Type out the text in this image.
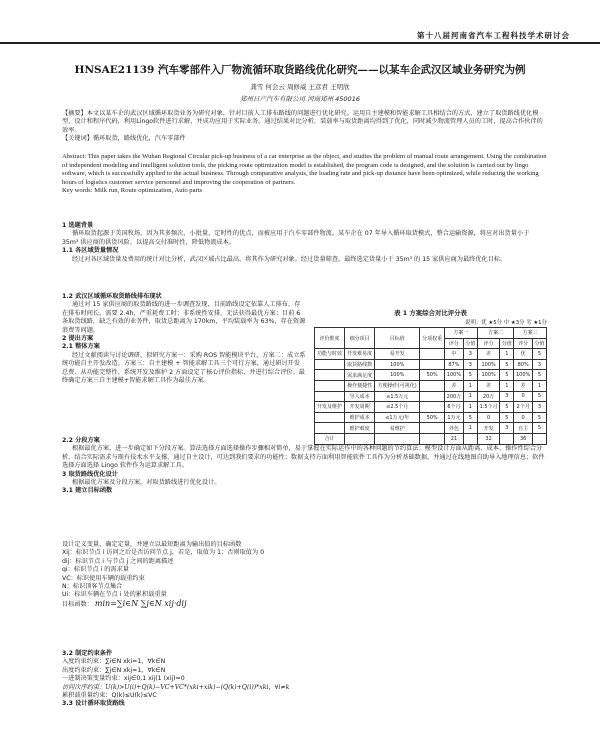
第十八届河南省汽车工程科技学术研讨会
HNSAE21139 汽车零部件入厂物流循环取货路线优化研究——以某车企武汉区域业务研究为例
龚雪 何会云 周修威 王彦君 王明欣
郑州日产汽车有限公司 河南郑州 450016

【摘要】本文以某车企的武汉区域循环取货业务为研究对象，针对目前人工排布路线的问题进行优化研究。运用自主建模和智能求解工具相结合的方式，建立了取货路线优化模型，设计和程序代码，利用Lingo软件进行求解，并成功应用于实际业务。通过结果对比分析，装载率与取货距离均得到了优化，同时减少物流管理人员的工时，提高合作伙伴的效率。

【关键词】循环取货，路线优化，汽车零部件

Abstract: This paper takes the Wuhan Regional Circular pick-up business of a car enterprise as the object, and studies the problem of manual route arrangement. Using the combination of independent modeling and intelligent solution tools, the picking route optimization model is established, the program code is designed, and the solution is carried out by lingo software, which is successfully applied to the actual business. Through comparative analysis, the loading rate and pick-up distance have been optimized, while reducing the working hours of logistics customer service personnel and improving the cooperation of partners.

Key words: Milk run, Route optimization, Auto parts

1 选题背景

循环取货起源于美国牧场，因为其多频次、小批量、定时性的优点，而被应用于汽车零部件物流。某车企在 07 年导入循环取货模式，整合运输资源，将应对出货量小于 35m³ 供应商的供货风险，以提高交付准时性，降低物流成本。

1.1 各区域货量情况

经过对各区域货量及费用的统计对比分析，武汉区域占比最高，将其作为研究对象。经过货量筛查，最终选定货量小于 35m³ 的 15 家供应商为最终优化目标。

1.2 武汉区域循环取货路线排布现状

通过对 15 家供应商的取货路线的进一步调查发现，目前路线设定依靠人工排布，存在排布时间长，需要 2.4h，严重耗费工时；非系统性安排，无法获得最优方案；目前 6 条取货线路，缺乏有效的业务件，取货总距离为 170km，平均装载率为 63%，存在资源浪费等问题。

2 提出方案

2.1 整体方案

经过文献阅读与讨论调研，拟研究方案一：采购 ROS 智能模块平台，方案二：成立系统功能自主开发改造。方案三：自主建模 + 智能求解工具三个可行方案，通过研讨开发总费、从功能完整性、系统开发及维护 2 方面设定了核心评价指标，并进行综合评价。最终确定方案三自主建模+智能求解工具作为最佳方案。

表 1 方案综合对比评分表
说明：优 ★5分 中 ★3分 劣 ★1分
评价维度	细分项目	目标值	分项权重	方案一		方案二		方案三	
				评分	分值	评分	分值	评分	分值
功能与时效	开发难易度	易开发		中	3	差	1	优	5
	取货路线数	100%		87%	3	100%	5	80%	3
	需求满足度	100%	50%	100%	5	100%	5	100%	5
	操作便捷性	方便操作(可视化)		差	1	差	1	差	1
	导入成本	≤1.5万元		200万	1	20万	3	0	5
开发及维护	开发周期	≤2.5个月		6个月	1	1.5个月	5	2个月	3
	维护成本	≤1万元/年	50%	1万元	5	0	5	0	5
	维护难度	易维护		外包	1	开发	3	自主	5
合计				21		32		36	

2.2 分段方案

根据最优方案，进一步确定如下分段方案。算法选择方面选择操作步骤相对简单，易于掌握在实际运作中的各种问题的节约算法；模型设计方面从距离、成本、操作性综合分析，结合实际需求与现有技术水平支撑，通过自主设计，可达到我们要求的功能性；数据支持方面利用智能软件工具作为分析基础数据，并通过在线地图自助导入地理信息；软件选择方面选择 Lingo 软件作为运算求解工具。

3 取货路线优化设计

根据最优方案及分段方案，对取货路线进行优化设计。

3.1 建立目标函数

设计定义变量，确定定量，并建立以最短距离为输出值的目标函数

Xij：标识节点 i 访问之后是否访问节点 j，若是，取值为 1；否则取值为 0

dij：标识节点 i 与节点 j 之间的距离描述

qi：标识节点 i 的需求量

VC：标识使用车辆的载重约束

N：标识顶客节点集合

Ui：标识车辆在节点 i 处的累积载重量

目标函数： min=∑i∈N ∑j∈N xij·dij

3.2 制定约束条件

入度约束约束：∑i∈N xki=1，∀k∈N

出度约束约束：∑j∈N xkj=1，∀k∈N

一进制决策变量约束：xij∈0,1 xij(1 (xij)=0

访问次序约束：U(k)>U(i)+Q(k)−VC+VC*(xki+xik)−(Q(k)+Q(i))*xki，∀i≠k

累积载重量约束：Q(k)≤U(k)≤VC

3.3 设计循环取货路线
